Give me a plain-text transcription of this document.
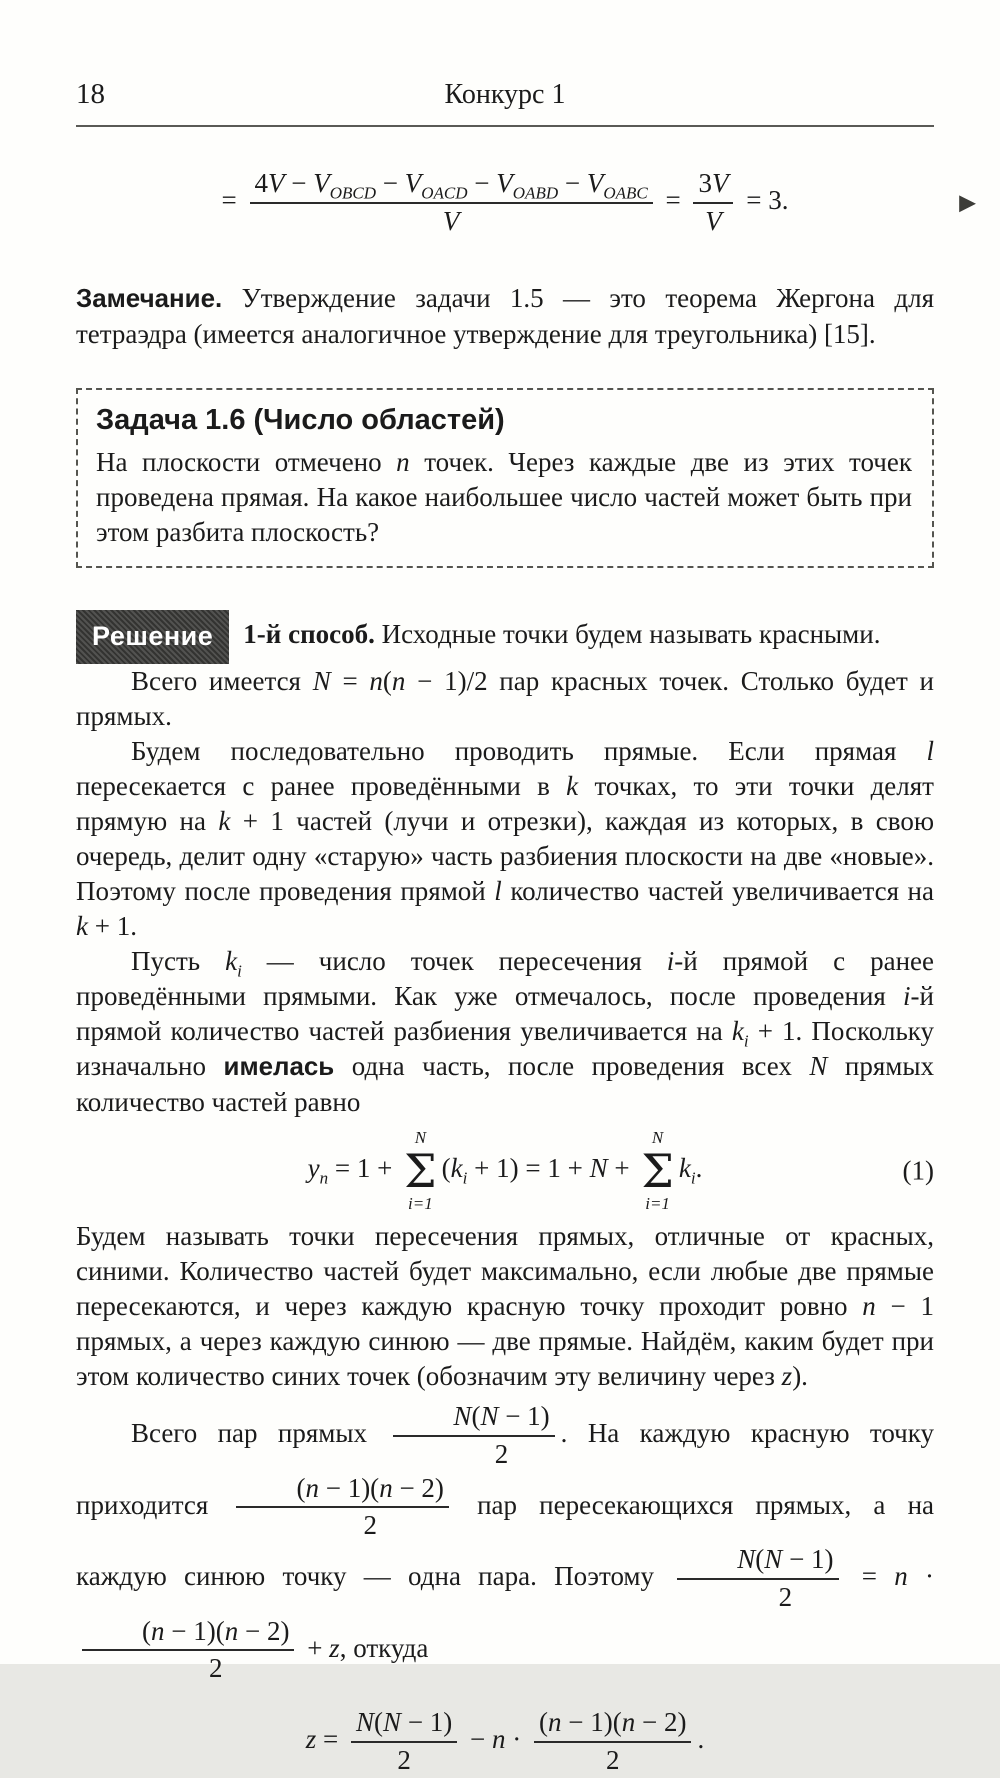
18	Конкурс 1
= $\frac{4V - V_{OBCD} - V_{OACD} - V_{OABD} - V_{OABC}}{V} = \frac{3V}{V} = 3$.	▶

Замечание. Утверждение задачи 1.5 — это теорема Жергона для тетраэдра (имеется аналогичное утверждение для треугольника) [15].

Задача 1.6 (Число областей)

На плоскости отмечено n точек. Через каждые две из этих точек проведена прямая. На какое наибольшее число частей может быть при этом разбита плоскость?

Решение 1-й способ. Исходные точки будем называть красными.

Всего имеется N = n(n − 1)/2 пар красных точек. Столько будет и прямых.

Будем последовательно проводить прямые. Если прямая l пересекается с ранее проведёнными в k точках, то эти точки делят прямую на k + 1 частей (лучи и отрезки), каждая из которых, в свою очередь, делит одну «старую» часть разбиения плоскости на две «новые». Поэтому после проведения прямой l количество частей увеличивается на k + 1.

Пусть $k_i$ — число точек пересечения i-й прямой с ранее проведёнными прямыми. Как уже отмечалось, после проведения i-й прямой количество частей разбиения увеличивается на $k_i + 1$. Поскольку изначально имелась одна часть, после проведения всех N прямых количество частей равно

$y_n = 1$ +
N
Σ
i=1
$(k_i + 1) = 1 + N$ +
N
Σ
i=1
$k_i$.	(1)

Будем называть точки пересечения прямых, отличные от красных, синими. Количество частей будет максимально, если любые две прямые пересекаются, и через каждую красную точку проходит ровно n − 1 прямых, а через каждую синюю — две прямые. Найдём, каким будет при этом количество синих точек (обозначим эту величину через z).

Всего пар прямых $\frac{N(N - 1)}{2}$ . На каждую красную точку приходится $\frac{(n - 1)(n - 2)}{2}$ пар пересекающихся прямых, а на каждую синюю точку — одна пара. Поэтому $\frac{N(N - 1)}{2} = n$ ·
$\frac{(n - 1)(n - 2)}{2} + z$, откуда

$z = \frac{N(N - 1)}{2} - n \cdot \frac{(n - 1)(n - 2)}{2}$ .
